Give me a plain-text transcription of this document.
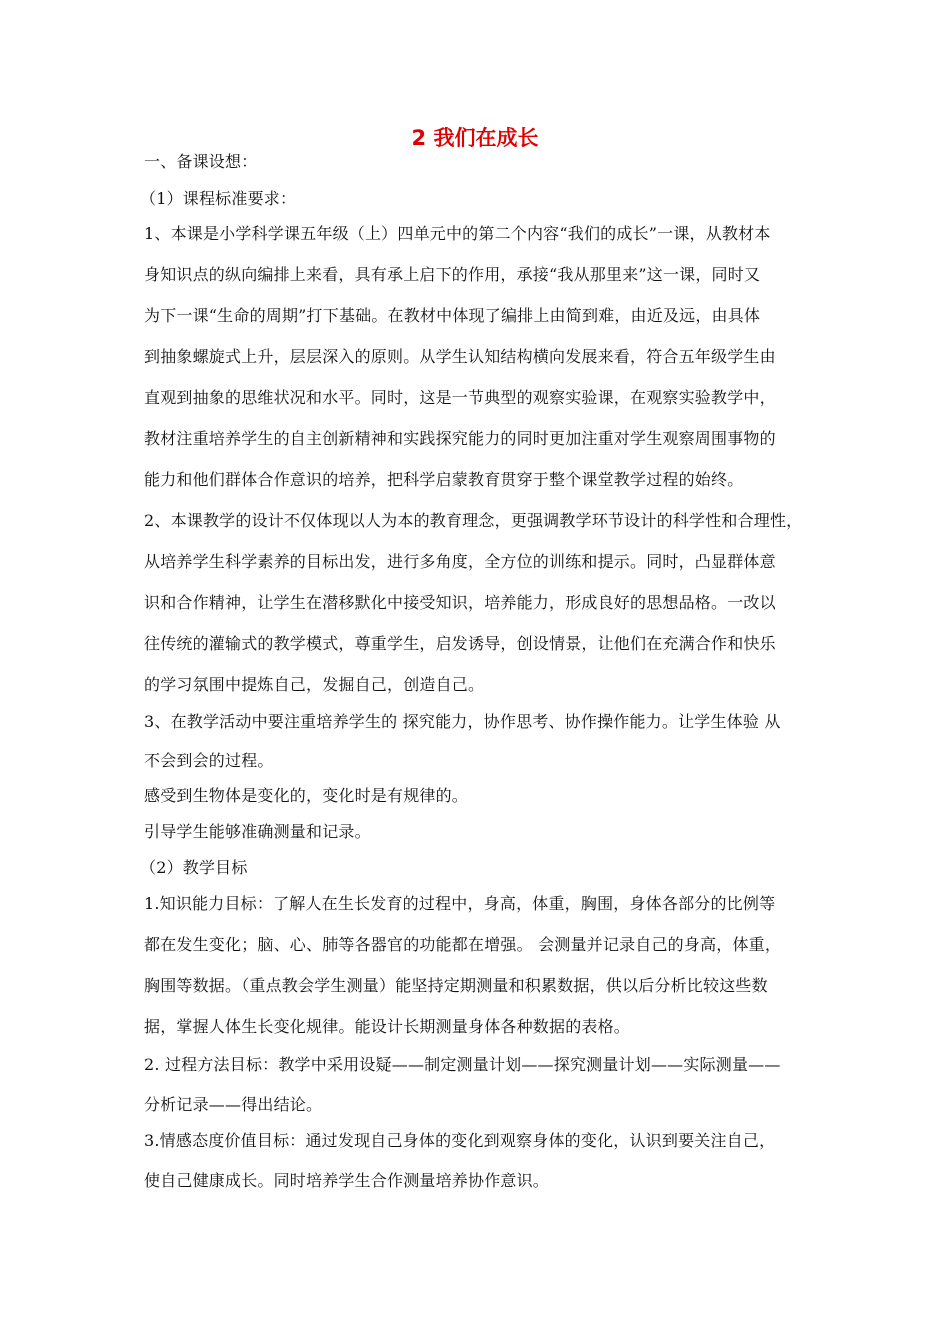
2 我们在成长
一、备课设想：
（1）课程标准要求：
1、本课是小学科学课五年级（上）四单元中的第二个内容“我们的成长”一课，从教材本
身知识点的纵向编排上来看，具有承上启下的作用，承接“我从那里来”这一课，同时又
为下一课“生命的周期”打下基础。在教材中体现了编排上由简到难，由近及远，由具体
到抽象螺旋式上升，层层深入的原则。从学生认知结构横向发展来看，符合五年级学生由
直观到抽象的思维状况和水平。同时，这是一节典型的观察实验课，在观察实验教学中，
教材注重培养学生的自主创新精神和实践探究能力的同时更加注重对学生观察周围事物的
能力和他们群体合作意识的培养，把科学启蒙教育贯穿于整个课堂教学过程的始终。
2、本课教学的设计不仅体现以人为本的教育理念，更强调教学环节设计的科学性和合理性，
从培养学生科学素养的目标出发，进行多角度，全方位的训练和提示。同时，凸显群体意
识和合作精神，让学生在潜移默化中接受知识，培养能力，形成良好的思想品格。一改以
往传统的灌输式的教学模式，尊重学生，启发诱导，创设情景，让他们在充满合作和快乐
的学习氛围中提炼自己，发掘自己，创造自己。
3、在教学活动中要注重培养学生的 探究能力，协作思考、协作操作能力。让学生体验 从
不会到会的过程。
感受到生物体是变化的，变化时是有规律的。
引导学生能够准确测量和记录。
（2）教学目标
1.知识能力目标：了解人在生长发育的过程中，身高，体重，胸围，身体各部分的比例等
都在发生变化；脑、心、肺等各器官的功能都在增强。 会测量并记录自己的身高，体重，
胸围等数据。（重点教会学生测量）能坚持定期测量和积累数据，供以后分析比较这些数
据，掌握人体生长变化规律。能设计长期测量身体各种数据的表格。
2. 过程方法目标：教学中采用设疑——制定测量计划——探究测量计划——实际测量——
分析记录——得出结论。
3.情感态度价值目标：通过发现自己身体的变化到观察身体的变化，认识到要关注自己，
使自己健康成长。同时培养学生合作测量培养协作意识。
